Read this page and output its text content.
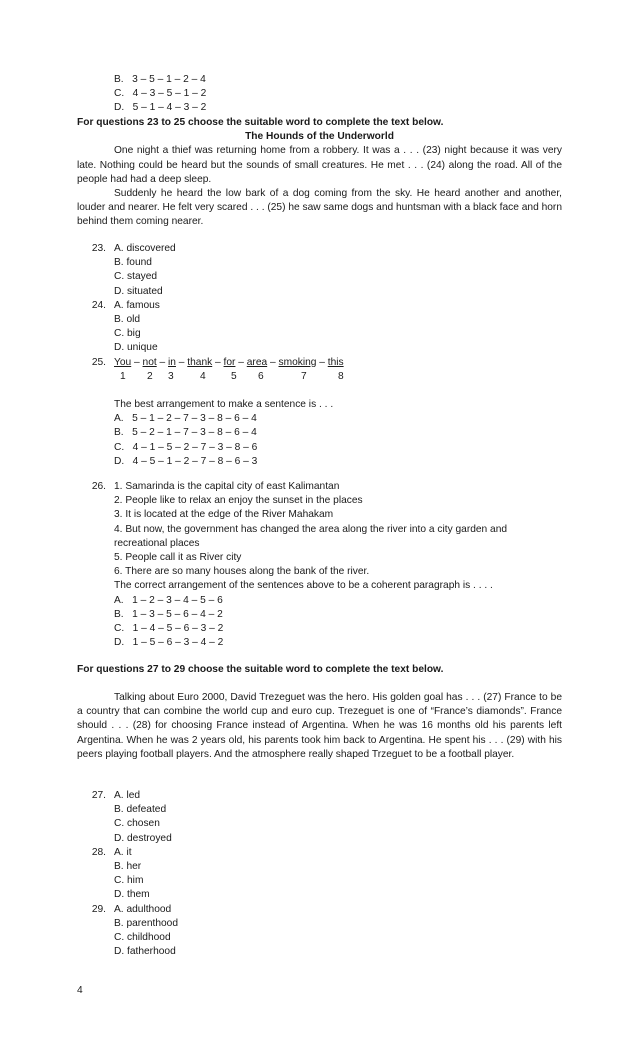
B.   3 – 5 – 1 – 2 – 4
C.   4 – 3 – 5 – 1 – 2
D.   5 – 1 – 4 – 3 – 2
For questions 23 to 25 choose the suitable word to complete the text below.
The Hounds of the Underworld
One night a thief was returning home from a robbery. It was a . . . (23) night because it was very late. Nothing could be heard but the sounds of small creatures. He met . . . (24) along the road. All of the people had had a deep sleep.
Suddenly he heard the low bark of a dog coming from the sky. He heard another and another, louder and nearer. He felt very scared . . . (25) he saw same dogs and huntsman with a black face and horn behind them coming nearer.
23. A. discovered
B. found
C. stayed
D. situated
24. A. famous
B. old
C. big
D. unique
25. You – not – in – thank – for – area – smoking – this
1 2 3	4 5 6	7	8
The best arrangement to make a sentence is . . .
A.   5 – 1 – 2 – 7 – 3 – 8 – 6 – 4
B.   5 – 2 – 1 – 7 – 3 – 8 – 6 – 4
C.   4 – 1 – 5 – 2 – 7 – 3 – 8 – 6
D.   4 – 5 – 1 – 2 – 7 – 8 – 6 – 3
26. 1. Samarinda is the capital city of east Kalimantan
2. People like to relax an enjoy the sunset in the places
3. It is located at the edge of the River Mahakam
4. But now, the government has changed the area along the river into a city garden and recreational places
5. People call it as River city
6. There are so many houses along the bank of the river.
The correct arrangement of the sentences above to be a coherent paragraph is . . . .
A.   1 – 2 – 3 – 4 – 5 – 6
B.   1 – 3 – 5 – 6 – 4 – 2
C.   1 – 4 – 5 – 6 – 3 – 2
D.   1 – 5 – 6 – 3 – 4 – 2
For questions 27 to 29 choose the suitable word to complete the text below.
Talking about Euro 2000, David Trezeguet was the hero. His golden goal has . . . (27) France to be a country that can combine the world cup and euro cup. Trezeguet is one of “France’s diamonds”. France should . . . (28) for choosing France instead of Argentina. When he was 16 months old his parents left Argentina. When he was 2 years old, his parents took him back to Argentina. He spent his . . . (29) with his peers playing football players. And the atmosphere really shaped Trzeguet to be a football player.
27. A. led
B. defeated
C. chosen
D. destroyed
28. A. it
B. her
C. him
D. them
29. A. adulthood
B. parenthood
C. childhood
D. fatherhood
4
